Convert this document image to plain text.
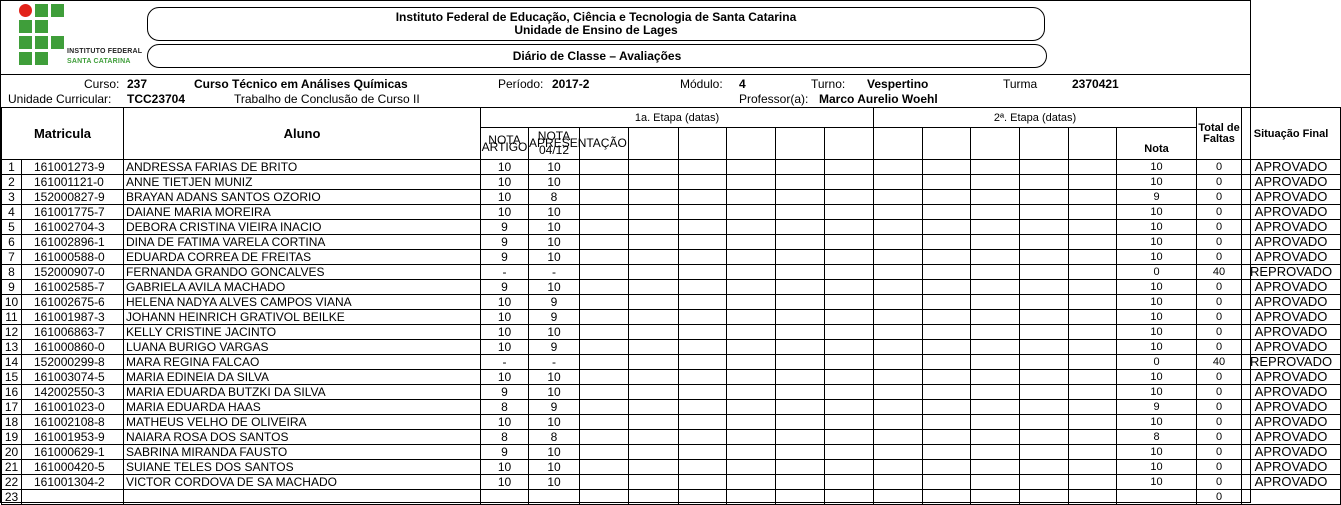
INSTITUTO FEDERAL
SANTA CATARINA
Instituto Federal de Educação, Ciência e Tecnologia de Santa Catarina
Unidade de Ensino de Lages
Diário de Classe – Avaliações
Curso: 237	Curso Técnico em Análises Químicas	Período: 2017-2	Módulo: 4	Turno: Vespertino	Turma	2370421
Unidade Curricular: TCC23704	Trabalho de Conclusão de Curso II	Professor(a): Marco Aurelio Woehl
Matricula		Aluno	1a. Etapa (datas)								2ª. Etapa (datas)						Total de Faltas	Situação Final
			NOTA ARTIGO	NOTA APRESENTAÇÃO 04/12												Nota		
1	161001273-9	ANDRESSA FARIAS DE BRITO	10	10												10	0	APROVADO
2	161001121-0	ANNE TIETJEN MUNIZ	10	10												10	0	APROVADO
3	152000827-9	BRAYAN ADANS SANTOS OZORIO	10	8												9	0	APROVADO
4	161001775-7	DAIANE MARIA MOREIRA	10	10												10	0	APROVADO
5	161002704-3	DEBORA CRISTINA VIEIRA INACIO	9	10												10	0	APROVADO
6	161002896-1	DINA DE FATIMA VARELA CORTINA	9	10												10	0	APROVADO
7	161000588-0	EDUARDA CORREA DE FREITAS	9	10												10	0	APROVADO
8	152000907-0	FERNANDA GRANDO GONCALVES	-	-												0	40	REPROVADO
9	161002585-7	GABRIELA AVILA MACHADO	9	10												10	0	APROVADO
10	161002675-6	HELENA NADYA ALVES CAMPOS VIANA	10	9												10	0	APROVADO
11	161001987-3	JOHANN HEINRICH GRATIVOL BEILKE	10	9												10	0	APROVADO
12	161006863-7	KELLY CRISTINE JACINTO	10	10												10	0	APROVADO
13	161000860-0	LUANA BURIGO VARGAS	10	9												10	0	APROVADO
14	152000299-8	MARA REGINA FALCAO	-	-												0	40	REPROVADO
15	161003074-5	MARIA EDINEIA DA SILVA	10	10												10	0	APROVADO
16	142002550-3	MARIA EDUARDA BUTZKI DA SILVA	9	10												10	0	APROVADO
17	161001023-0	MARIA EDUARDA HAAS	8	9												9	0	APROVADO
18	161002108-8	MATHEUS VELHO DE OLIVEIRA	10	10												10	0	APROVADO
19	161001953-9	NAIARA ROSA DOS SANTOS	8	8												8	0	APROVADO
20	161000629-1	SABRINA MIRANDA FAUSTO	9	10												10	0	APROVADO
21	161000420-5	SUIANE TELES DOS SANTOS	10	10												10	0	APROVADO
22	161001304-2	VICTOR CORDOVA DE SA MACHADO	10	10												10	0	APROVADO
23																	0	
